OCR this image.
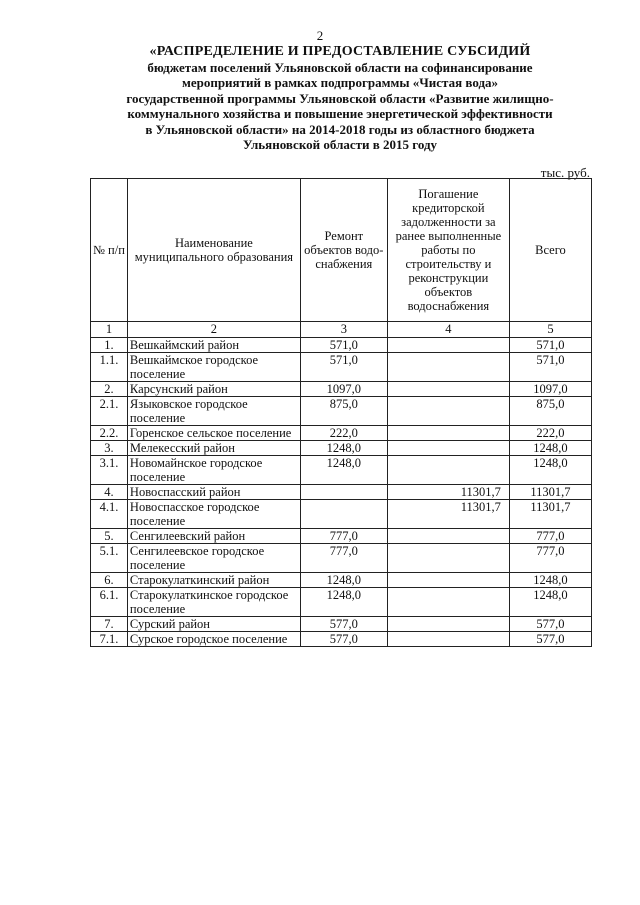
2
«РАСПРЕДЕЛЕНИЕ И ПРЕДОСТАВЛЕНИЕ СУБСИДИЙ
бюджетам поселений Ульяновской области на софинансирование
мероприятий в рамках подпрограммы «Чистая вода»
государственной программы Ульяновской области «Развитие жилищно-
коммунального хозяйства и повышение энергетической эффективности
в Ульяновской области» на 2014-2018 годы из областного бюджета
Ульяновской области в 2015 году
тыс. руб.
№ п/п	Наименование муниципального образования	Ремонт объектов водо-снабжения	Погашение кредиторской задолженности за ранее выполненные работы по строительству и реконструкции объектов водоснабжения	Всего
1	2	3	4	5
1.	Вешкаймский район	571,0		571,0
1.1.	Вешкаймское городское поселение	571,0		571,0
2.	Карсунский район	1097,0		1097,0
2.1.	Языковское городское поселение	875,0		875,0
2.2.	Горенское сельское поселение	222,0		222,0
3.	Мелекесский район	1248,0		1248,0
3.1.	Новомайнское городское поселение	1248,0		1248,0
4.	Новоспасский район		11301,7	11301,7
4.1.	Новоспасское городское поселение		11301,7	11301,7
5.	Сенгилеевский район	777,0		777,0
5.1.	Сенгилеевское городское поселение	777,0		777,0
6.	Старокулаткинский район	1248,0		1248,0
6.1.	Старокулаткинское городское поселение	1248,0		1248,0
7.	Сурский район	577,0		577,0
7.1.	Сурское городское поселение	577,0		577,0
